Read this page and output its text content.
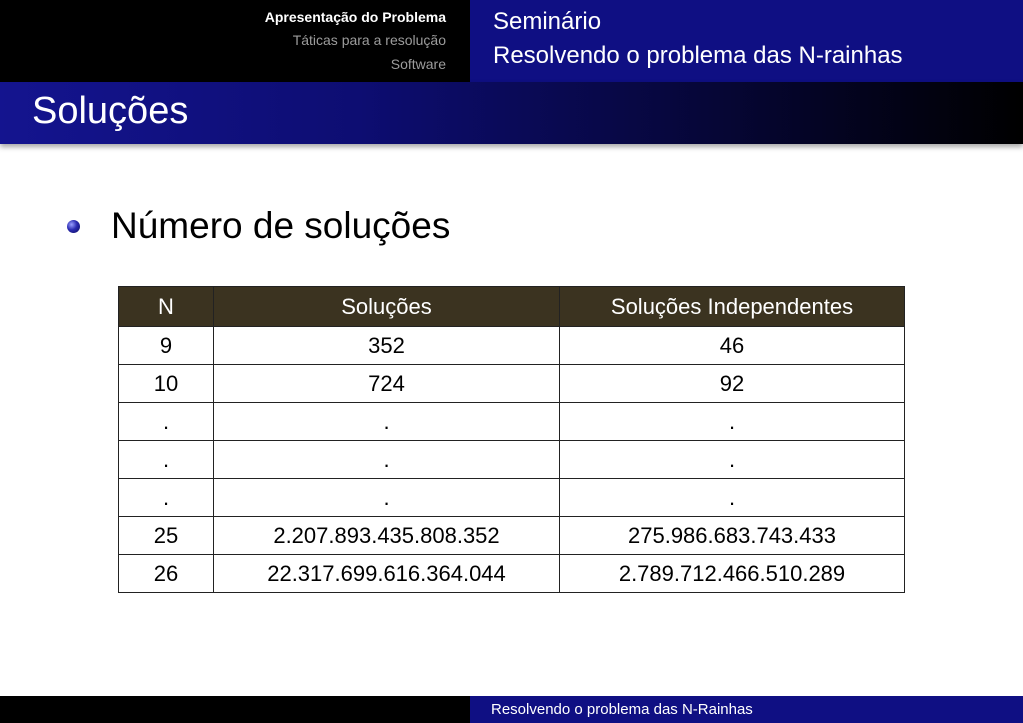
Apresentação do Problema
Táticas para a resolução
Software
Seminário
Resolvendo o problema das N-rainhas
Soluções
Número de soluções
N	Soluções	Soluções Independentes
9	352	46
10	724	92
.	.	.
.	.	.
.	.	.
25	2.207.893.435.808.352	275.986.683.743.433
26	22.317.699.616.364.044	2.789.712.466.510.289
Resolvendo o problema das N-Rainhas
